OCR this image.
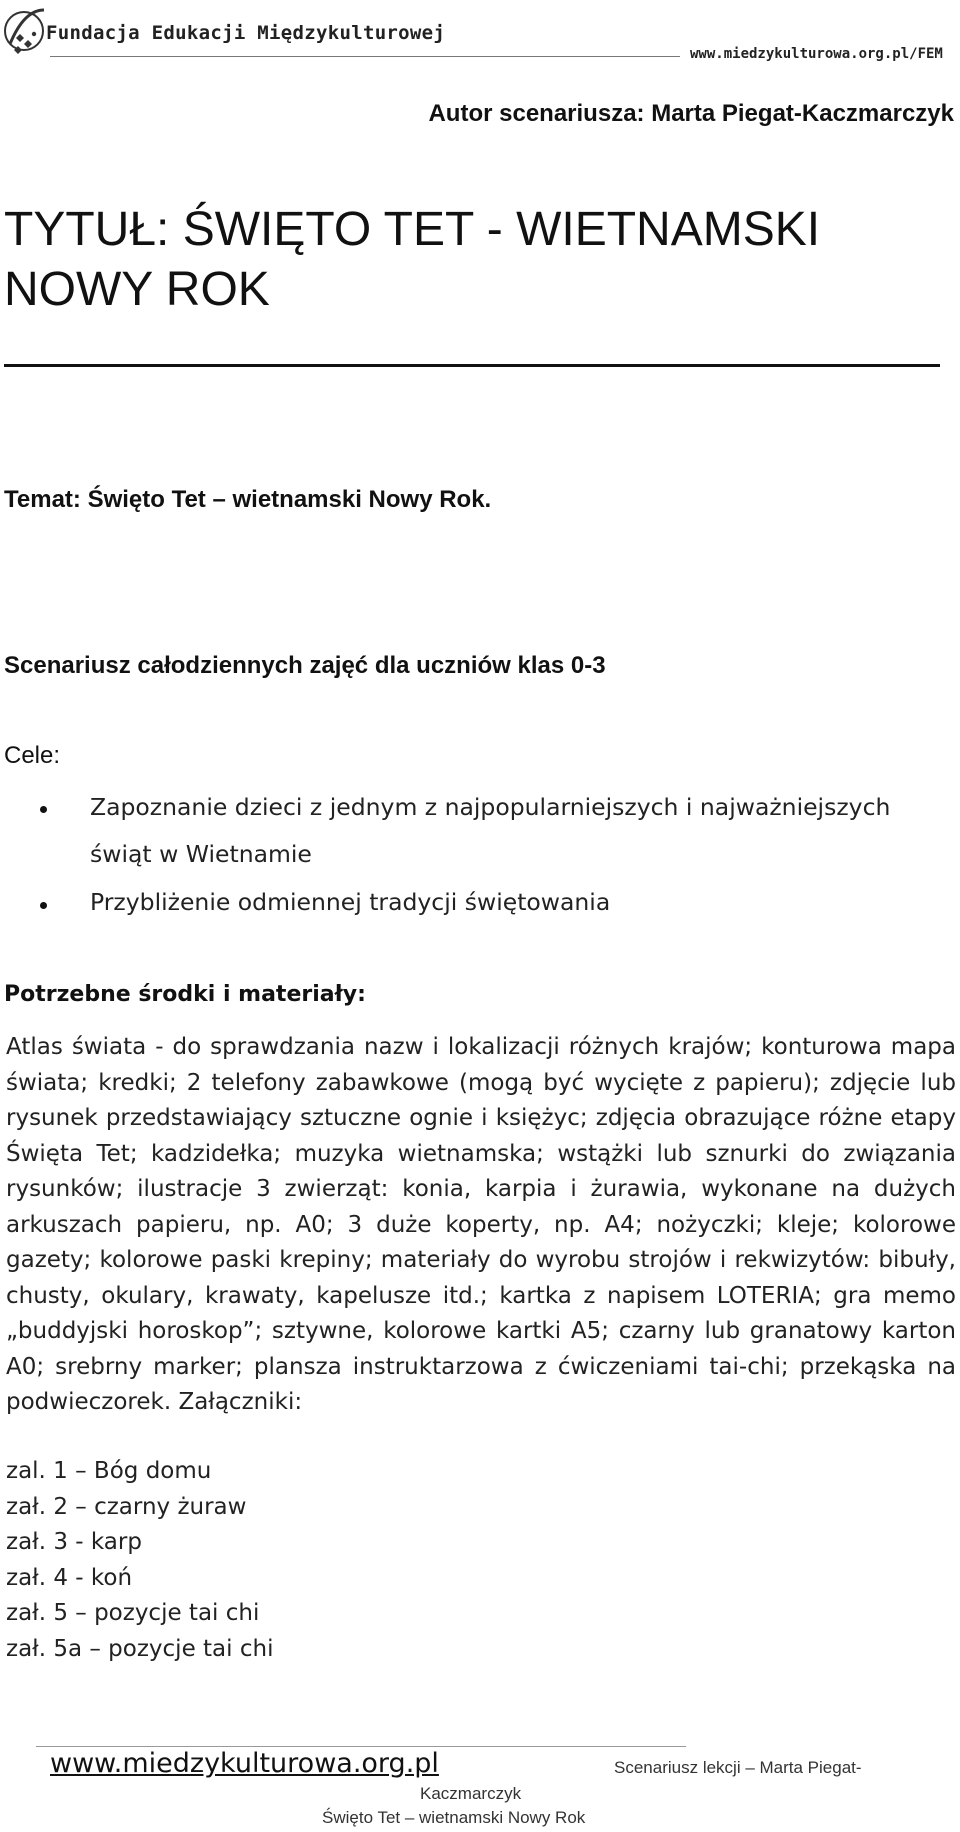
Fundacja Edukacji Międzykulturowej
www.miedzykulturowa.org.pl/FEM
Autor scenariusza: Marta Piegat-Kaczmarczyk
TYTUŁ: ŚWIĘTO TET - WIETNAMSKI
NOWY ROK
Temat: Święto Tet – wietnamski Nowy Rok.
Scenariusz całodziennych zajęć dla uczniów klas 0-3
Cele:
Zapoznanie dzieci z jednym z najpopularniejszych i najważniejszych
świąt w Wietnamie
Przybliżenie odmiennej tradycji świętowania
Potrzebne środki i materiały:
Atlas świata - do sprawdzania nazw i lokalizacji różnych krajów; konturowa mapa świata; kredki; 2 telefony zabawkowe (mogą być wycięte z papieru); zdjęcie lub rysunek przedstawiający sztuczne ognie i księżyc; zdjęcia obrazujące różne etapy Święta Tet; kadzidełka; muzyka wietnamska; wstążki lub sznurki do związania rysunków; ilustracje 3 zwierząt: konia, karpia i żurawia, wykonane na dużych arkuszach papieru, np. A0; 3 duże koperty, np. A4; nożyczki; kleje; kolorowe gazety; kolorowe paski krepiny; materiały do wyrobu strojów i rekwizytów: bibuły, chusty, okulary, krawaty, kapelusze itd.; kartka z napisem LOTERIA; gra memo „buddyjski horoskop”; sztywne, kolorowe kartki A5; czarny lub granatowy karton A0; srebrny marker; plansza instruktarzowa z ćwiczeniami tai-chi; przekąska na podwieczorek. Załączniki:
zal. 1 – Bóg domu
zał. 2 – czarny żuraw
zał. 3 - karp
zał. 4 - koń
zał. 5 – pozycje tai chi
zał. 5a – pozycje tai chi
www.miedzykulturowa.org.pl	Scenariusz lekcji – Marta Piegat-
Kaczmarczyk
Święto Tet – wietnamski Nowy Rok
